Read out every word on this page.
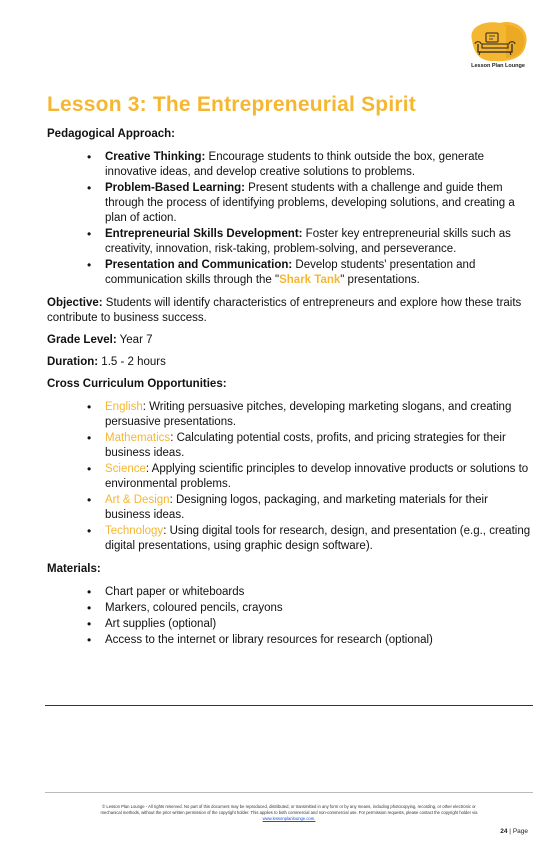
Lesson Plan Lounge
Lesson 3: The Entrepreneurial Spirit

Pedagogical Approach:

• Creative Thinking: Encourage students to think outside the box, generate innovative ideas, and develop creative solutions to problems.
• Problem-Based Learning: Present students with a challenge and guide them through the process of identifying problems, developing solutions, and creating a plan of action.
• Entrepreneurial Skills Development: Foster key entrepreneurial skills such as creativity, innovation, risk-taking, problem-solving, and perseverance.
• Presentation and Communication: Develop students' presentation and communication skills through the "Shark Tank" presentations.

Objective: Students will identify characteristics of entrepreneurs and explore how these traits contribute to business success.

Grade Level: Year 7

Duration: 1.5 - 2 hours

Cross Curriculum Opportunities:

• English: Writing persuasive pitches, developing marketing slogans, and creating persuasive presentations.
• Mathematics: Calculating potential costs, profits, and pricing strategies for their business ideas.
• Science: Applying scientific principles to develop innovative products or solutions to environmental problems.
• Art & Design: Designing logos, packaging, and marketing materials for their business ideas.
• Technology: Using digital tools for research, design, and presentation (e.g., creating digital presentations, using graphic design software).

Materials:

• Chart paper or whiteboards
• Markers, coloured pencils, crayons
• Art supplies (optional)
• Access to the internet or library resources for research (optional)
© Lesson Plan Lounge - All rights reserved. No part of this document may be reproduced, distributed, or transmitted in any form or by any means, including photocopying, recording, or other electronic or
mechanical methods, without the prior written permission of the copyright holder. This applies to both commercial and non-commercial use. For permission requests, please contact the copyright holder via
www.lessonplanlounge.com.
24 | Page
